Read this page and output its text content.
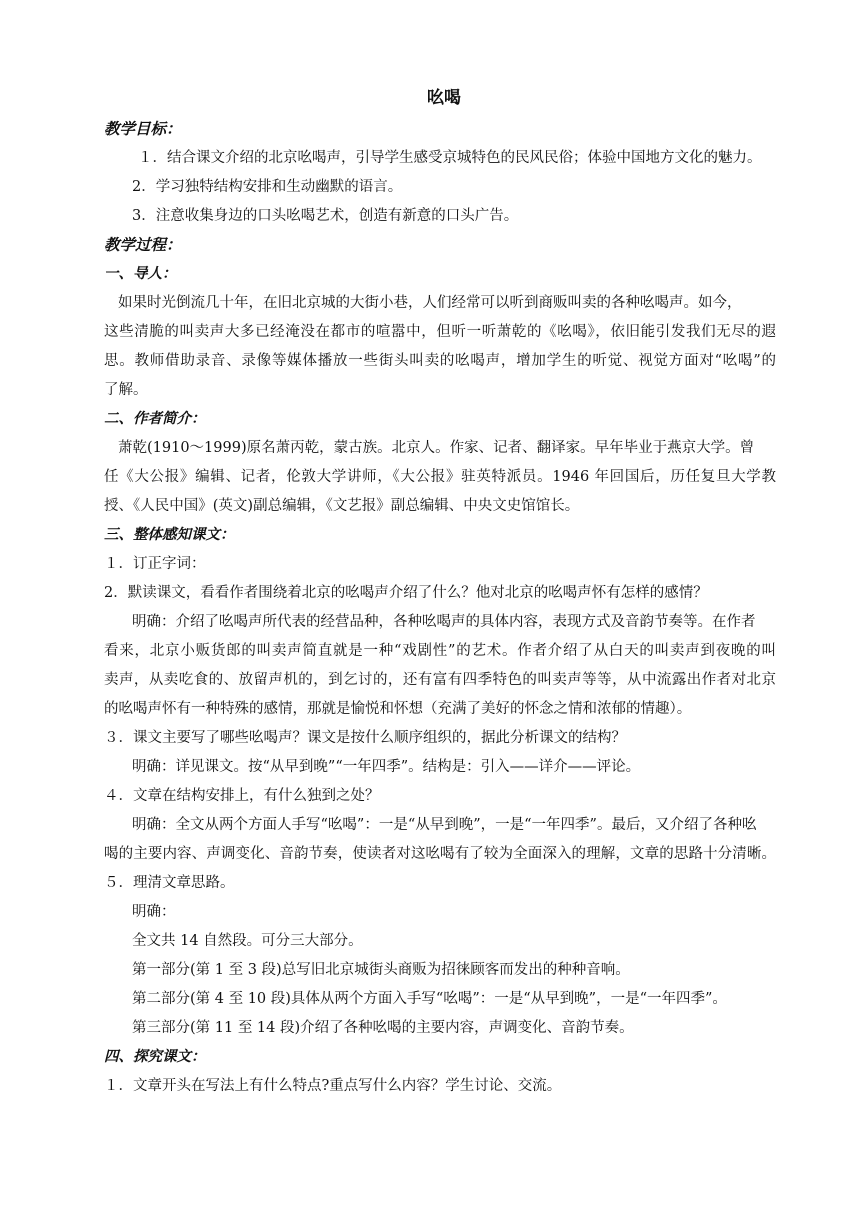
吆喝
教学目标：
１．结合课文介绍的北京吆喝声，引导学生感受京城特色的民风民俗；体验中国地方文化的魅力。
2．学习独特结构安排和生动幽默的语言。
3．注意收集身边的口头吆喝艺术，创造有新意的口头广告。
教学过程：
一、导人：
如果时光倒流几十年，在旧北京城的大街小巷，人们经常可以听到商贩叫卖的各种吆喝声。如今，
这些清脆的叫卖声大多已经淹没在都市的喧嚣中，但听一听萧乾的《吆喝》，依旧能引发我们无尽的遐
思。教师借助录音、录像等媒体播放一些街头叫卖的吆喝声，增加学生的听觉、视觉方面对“吆喝”的
了解。
二、作者简介：
萧乾(1910～1999)原名萧丙乾，蒙古族。北京人。作家、记者、翻译家。早年毕业于燕京大学。曾
任《大公报》编辑、记者，伦敦大学讲师，《大公报》驻英特派员。1946 年回国后，历任复旦大学教
授、《人民中国》(英文)副总编辑，《文艺报》副总编辑、中央文史馆馆长。
三、整体感知课文：
１．订正字词：
2．默读课文，看看作者围绕着北京的吆喝声介绍了什么？他对北京的吆喝声怀有怎样的感情？
明确：介绍了吆喝声所代表的经营品种，各种吆喝声的具体内容，表现方式及音韵节奏等。在作者
看来，北京小贩货郎的叫卖声简直就是一种“戏剧性”的艺术。作者介绍了从白天的叫卖声到夜晚的叫
卖声，从卖吃食的、放留声机的，到乞讨的，还有富有四季特色的叫卖声等等，从中流露出作者对北京
的吆喝声怀有一种特殊的感情，那就是愉悦和怀想（充满了美好的怀念之情和浓郁的情趣）。
３．课文主要写了哪些吆喝声？课文是按什么顺序组织的，据此分析课文的结构？
明确：详见课文。按“从早到晚”“一年四季”。结构是：引入——详介——评论。
４．文章在结构安排上，有什么独到之处？
明确：全文从两个方面人手写“吆喝”：一是“从早到晚”，一是“一年四季”。最后，又介绍了各种吆
喝的主要内容、声调变化、音韵节奏，使读者对这吆喝有了较为全面深入的理解，文章的思路十分清晰。
５．理清文章思路。
明确：
全文共 14 自然段。可分三大部分。
第一部分(第 1 至 3 段)总写旧北京城街头商贩为招徕顾客而发出的种种音响。
第二部分(第 4 至 10 段)具体从两个方面入手写“吆喝”：一是“从早到晚”，一是“一年四季”。
第三部分(第 11 至 14 段)介绍了各种吆喝的主要内容，声调变化、音韵节奏。
四、探究课文：
１．文章开头在写法上有什么特点?重点写什么内容？学生讨论、交流。
